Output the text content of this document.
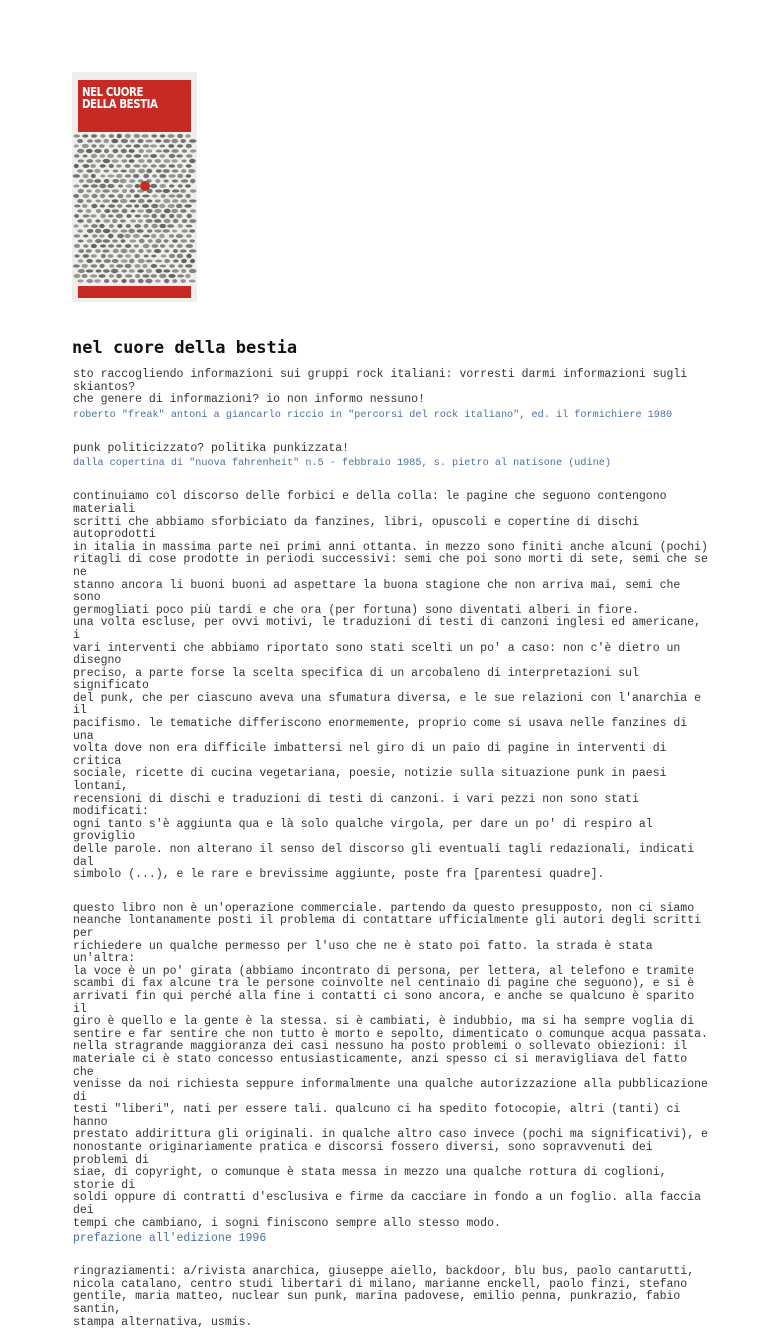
NEL CUORE DELLA BESTIA
nel cuore della bestia

sto raccogliendo informazioni sui gruppi rock italiani: vorresti darmi informazioni sugli

skiantos?

che genere di informazioni? io non informo nessuno!

roberto "freak" antoni a giancarlo riccio in "percorsi del rock italiano", ed. il formichiere 1980

punk politicizzato? politika punkizzata!

dalla copertina di "nuova fahrenheit" n.5 - febbraio 1985, s. pietro al natisone (udine)

continuiamo col discorso delle forbici e della colla: le pagine che seguono contengono materiali

scritti che abbiamo sforbiciato da fanzines, libri, opuscoli e copertine di dischi autoprodotti

in italia in massima parte nei primi anni ottanta. in mezzo sono finiti anche alcuni (pochi)

ritagli di cose prodotte in periodi successivi: semi che poi sono morti di sete, semi che se ne

stanno ancora li buoni buoni ad aspettare la buona stagione che non arriva mai, semi che sono

germogliati poco più tardi e che ora (per fortuna) sono diventati alberi in fiore.

una volta escluse, per ovvi motivi, le traduzioni di testi di canzoni inglesi ed americane, i

vari interventi che abbiamo riportato sono stati scelti un po' a caso: non c'è dietro un disegno

preciso, a parte forse la scelta specifica di un arcobaleno di interpretazioni sul significato

del punk, che per ciascuno aveva una sfumatura diversa, e le sue relazioni con l'anarchia e il

pacifismo. le tematiche differiscono enormemente, proprio come si usava nelle fanzines di una

volta dove non era difficile imbattersi nel giro di un paio di pagine in interventi di critica

sociale, ricette di cucina vegetariana, poesie, notizie sulla situazione punk in paesi lontani,

recensioni di dischi e traduzioni di testi di canzoni. i vari pezzi non sono stati modificati:

ogni tanto s'è aggiunta qua e là solo qualche virgola, per dare un po' di respiro al groviglio

delle parole. non alterano il senso del discorso gli eventuali tagli redazionali, indicati dal

simbolo (...), e le rare e brevissime aggiunte, poste fra [parentesi quadre].

questo libro non è un'operazione commerciale. partendo da questo presupposto, non ci siamo

neanche lontanamente posti il problema di contattare ufficialmente gli autori degli scritti per

richiedere un qualche permesso per l'uso che ne è stato poi fatto. la strada è stata un'altra:

la voce è un po' girata (abbiamo incontrato di persona, per lettera, al telefono e tramite

scambi di fax alcune tra le persone coinvolte nel centinaio di pagine che seguono), e si è

arrivati fin qui perché alla fine i contatti ci sono ancora, e anche se qualcuno è sparito il

giro è quello e la gente è la stessa. si è cambiati, è indubbio, ma si ha sempre voglia di

sentire e far sentire che non tutto è morto e sepolto, dimenticato o comunque acqua passata.

nella stragrande maggioranza dei casi nessuno ha posto problemi o sollevato obiezioni: il

materiale ci è stato concesso entusiasticamente, anzi spesso ci si meravigliava del fatto che

venisse da noi richiesta seppure informalmente una qualche autorizzazione alla pubblicazione di

testi "liberi", nati per essere tali. qualcuno ci ha spedito fotocopie, altri (tanti) ci hanno

prestato addirittura gli originali. in qualche altro caso invece (pochi ma significativi), e

nonostante originariamente pratica e discorsi fossero diversi, sono sopravvenuti dei problemi di

siae, di copyright, o comunque è stata messa in mezzo una qualche rottura di coglioni, storie di

soldi oppure di contratti d'esclusiva e firme da cacciare in fondo a un foglio. alla faccia dei

tempi che cambiano, i sogni finiscono sempre allo stesso modo.

prefazione all'edizione 1996

ringraziamenti: a/rivista anarchica, giuseppe aiello, backdoor, blu bus, paolo cantarutti,

nicola catalano, centro studi libertari di milano, marianne enckell, paolo finzi, stefano

gentile, maria matteo, nuclear sun punk, marina padovese, emilio penna, punkrazio, fabio santin,

stampa alternativa, usmis.
